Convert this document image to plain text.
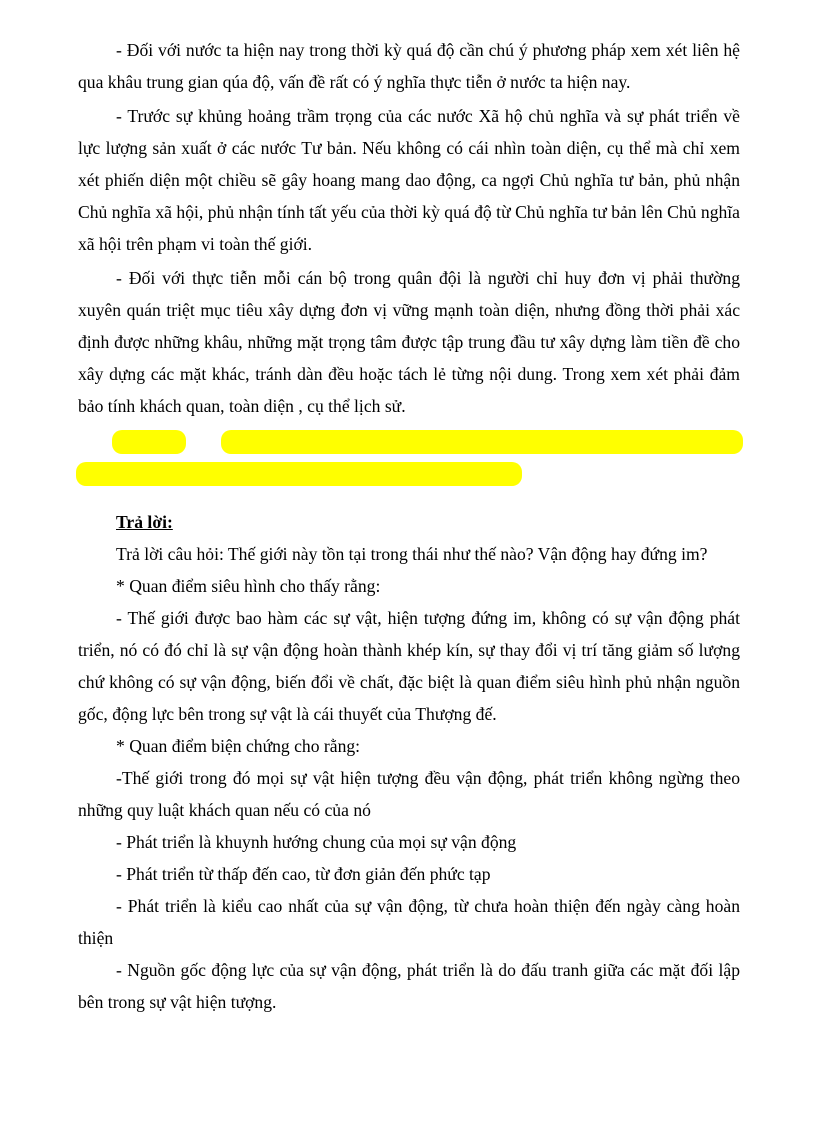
- Đối với nước ta hiện nay trong thời kỳ quá độ cần chú ý phương pháp xem xét liên hệ qua khâu trung gian qúa độ, vấn đề rất có ý nghĩa thực tiễn ở nước ta hiện nay.

- Trước sự khủng hoảng trầm trọng của các nước Xã hộ chủ nghĩa và sự phát triển về lực lượng sản xuất ở các nước Tư bản. Nếu không có cái nhìn toàn diện, cụ thể mà chỉ xem xét phiến diện một chiều sẽ gây hoang mang dao động, ca ngợi Chủ nghĩa tư bản, phủ nhận Chủ nghĩa xã hội, phủ nhận tính tất yếu của thời kỳ quá độ từ Chủ nghĩa tư bản lên Chủ nghĩa xã hội trên phạm vi toàn thế giới.

- Đối với thực tiễn mỗi cán bộ trong quân đội là người chỉ huy đơn vị phải thường xuyên quán triệt mục tiêu xây dựng đơn vị vững mạnh toàn diện, nhưng đồng thời phải xác định được những khâu, những mặt trọng tâm được tập trung đầu tư xây dựng làm tiền đề cho xây dựng các mặt khác, tránh dàn đều hoặc tách lẻ từng nội dung. Trong xem xét phải đảm bảo tính khách quan, toàn diện , cụ thể lịch sử.

Trả lời:

Trả lời câu hỏi: Thế giới này tồn tại trong thái như thế nào? Vận động hay đứng im?

* Quan điểm siêu hình cho thấy rằng:

- Thế giới được bao hàm các sự vật, hiện tượng đứng im, không có sự vận động phát triển, nó có đó chỉ là sự vận động hoàn thành khép kín, sự thay đổi vị trí tăng giảm số lượng chứ không có sự vận động, biến đổi về chất, đặc biệt là quan điểm siêu hình phủ nhận nguồn gốc, động lực bên trong sự vật là cái thuyết của Thượng đế.

* Quan điểm biện chứng cho rằng:

-Thế giới trong đó mọi sự vật hiện tượng đều vận động, phát triển không ngừng theo những quy luật khách quan nếu có của nó

- Phát triển là khuynh hướng chung của mọi sự vận động

- Phát triển từ thấp đến cao, từ đơn giản đến phức tạp

- Phát triển là kiểu cao nhất của sự vận động, từ chưa hoàn thiện đến ngày càng hoàn thiện

- Nguồn gốc động lực của sự vận động, phát triển là do đấu tranh giữa các mặt đối lập bên trong sự vật hiện tượng.
